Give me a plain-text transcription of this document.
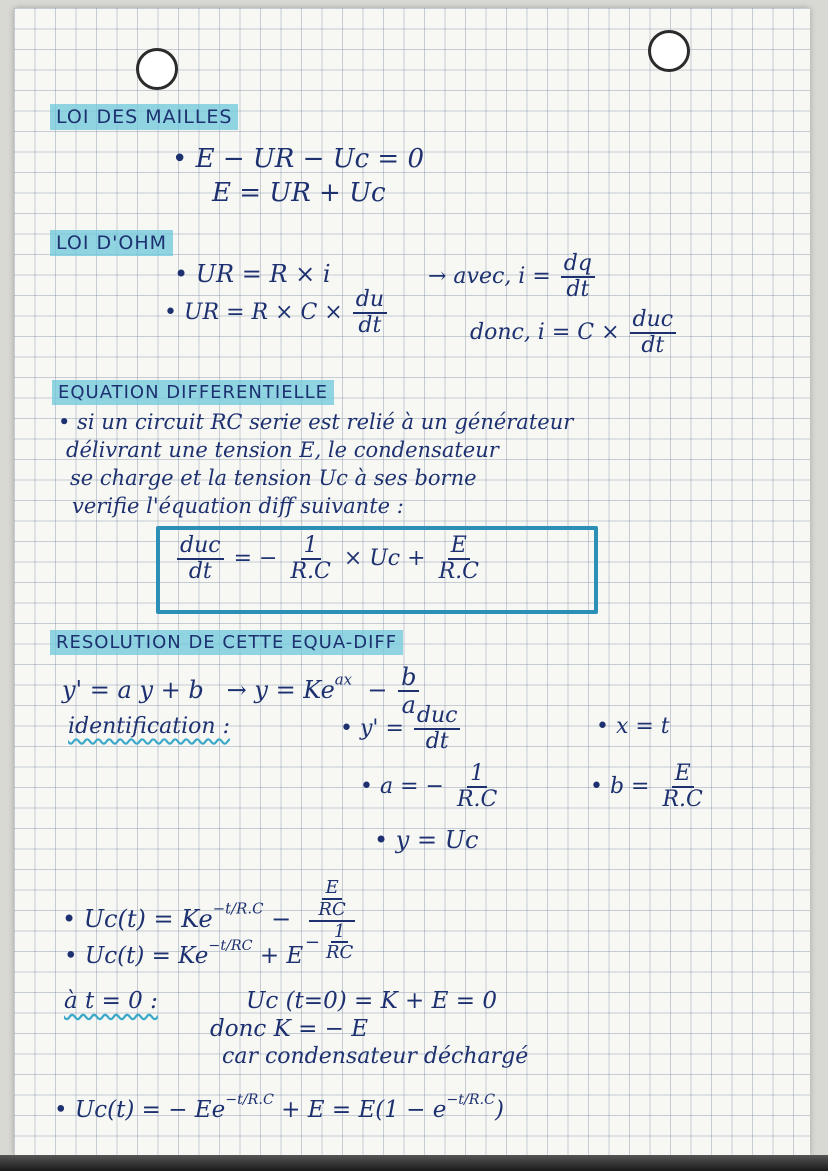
LOI DES MAILLES
• E − UR − Uc = 0
E = UR + Uc
LOI D'OHM
• UR = R × i	→ avec, $i = \frac{dq}{dt}$
• UR = $R \times C \times \frac{du}{dt}$	donc, $i = C \times \frac{\text{duc}}{dt}$
EQUATION DIFFERENTIELLE
• si un circuit RC serie est relié à un générateur
délivrant une tension E, le condensateur
se charge et la tension Uc à ses borne
verifie l'équation diff suivante :
$\frac{\text{duc}}{dt}$ = − $\frac{1}{R.C} \times Uc + \frac{E}{R.C}$
RESOLUTION DE CETTE EQUA-DIFF
y' = a $y + b \to y = Ke^{ax} - \frac{b}{a}$
identification :	• $y' = \frac{\text{duc}}{dt}$	• x = t
• a = − $\frac{1}{R.C}$	• $b = \frac{E}{R.C}$
• y = Uc
• $Uc(t) = Ke^{-t/R.C} - \frac{\frac{E}{RC}}{- \frac{1}{RC}}$
• $Uc(t) = Ke^{-t/RC} + E$
à t = 0 :	Uc (t=0) = K + E = 0
donc K = − E
car condensateur déchargé
• Uc(t) = − $Ee^{-t/R.C} + E = E(1 - e^{-t/R.C})$
